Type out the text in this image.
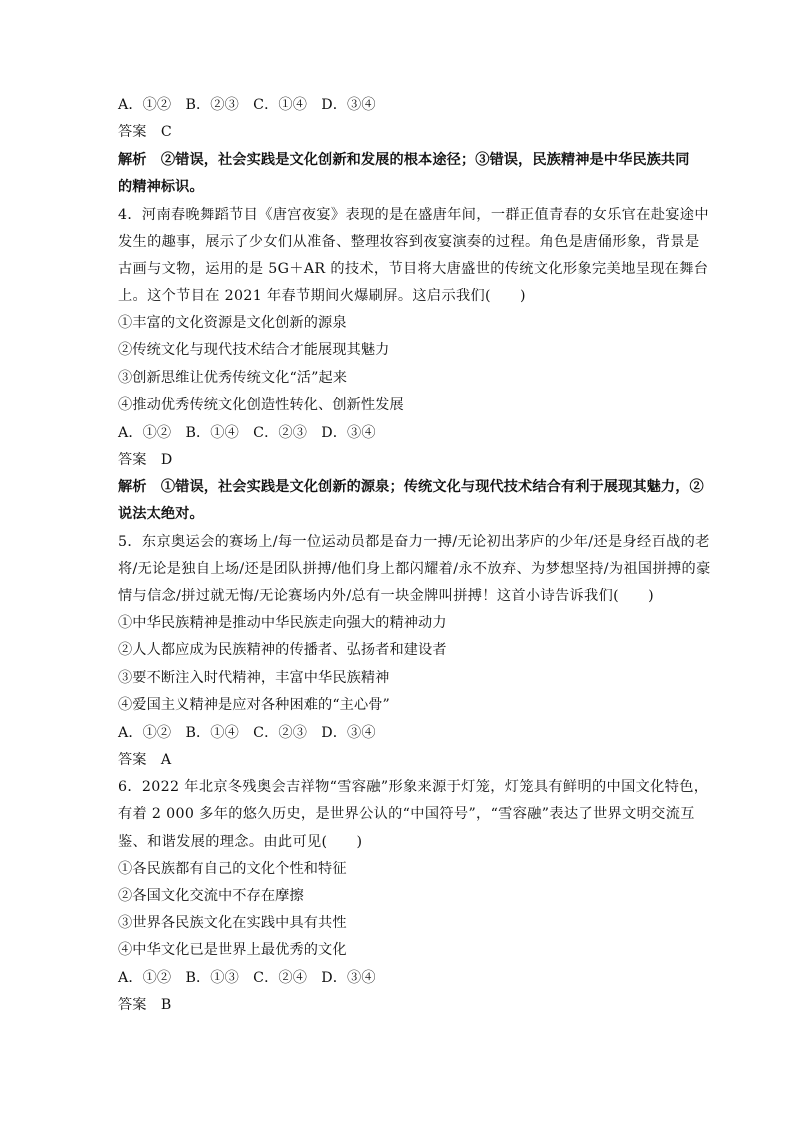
A．①②　B．②③　C．①④　D．③④
答案　C
解析　②错误，社会实践是文化创新和发展的根本途径；③错误，民族精神是中华民族共同
的精神标识。
4．河南春晚舞蹈节目《唐宫夜宴》表现的是在盛唐年间，一群正值青春的女乐官在赴宴途中
发生的趣事，展示了少女们从准备、整理妆容到夜宴演奏的过程。角色是唐俑形象，背景是
古画与文物，运用的是 5G＋AR 的技术，节目将大唐盛世的传统文化形象完美地呈现在舞台
上。这个节目在 2021 年春节期间火爆刷屏。这启示我们(　　)
①丰富的文化资源是文化创新的源泉
②传统文化与现代技术结合才能展现其魅力
③创新思维让优秀传统文化“活”起来
④推动优秀传统文化创造性转化、创新性发展
A．①②　B．①④　C．②③　D．③④
答案　D
解析　①错误，社会实践是文化创新的源泉；传统文化与现代技术结合有利于展现其魅力，②
说法太绝对。
5．东京奥运会的赛场上/每一位运动员都是奋力一搏/无论初出茅庐的少年/还是身经百战的老
将/无论是独自上场/还是团队拼搏/他们身上都闪耀着/永不放弃、为梦想坚持/为祖国拼搏的豪
情与信念/拼过就无悔/无论赛场内外/总有一块金牌叫拼搏！这首小诗告诉我们(　　)
①中华民族精神是推动中华民族走向强大的精神动力
②人人都应成为民族精神的传播者、弘扬者和建设者
③要不断注入时代精神，丰富中华民族精神
④爱国主义精神是应对各种困难的“主心骨”
A．①②　B．①④　C．②③　D．③④
答案　A
6．2022 年北京冬残奥会吉祥物“雪容融”形象来源于灯笼，灯笼具有鲜明的中国文化特色，
有着 2 000 多年的悠久历史，是世界公认的“中国符号”，“雪容融”表达了世界文明交流互
鉴、和谐发展的理念。由此可见(　　)
①各民族都有自己的文化个性和特征
②各国文化交流中不存在摩擦
③世界各民族文化在实践中具有共性
④中华文化已是世界上最优秀的文化
A．①②　B．①③　C．②④　D．③④
答案　B
